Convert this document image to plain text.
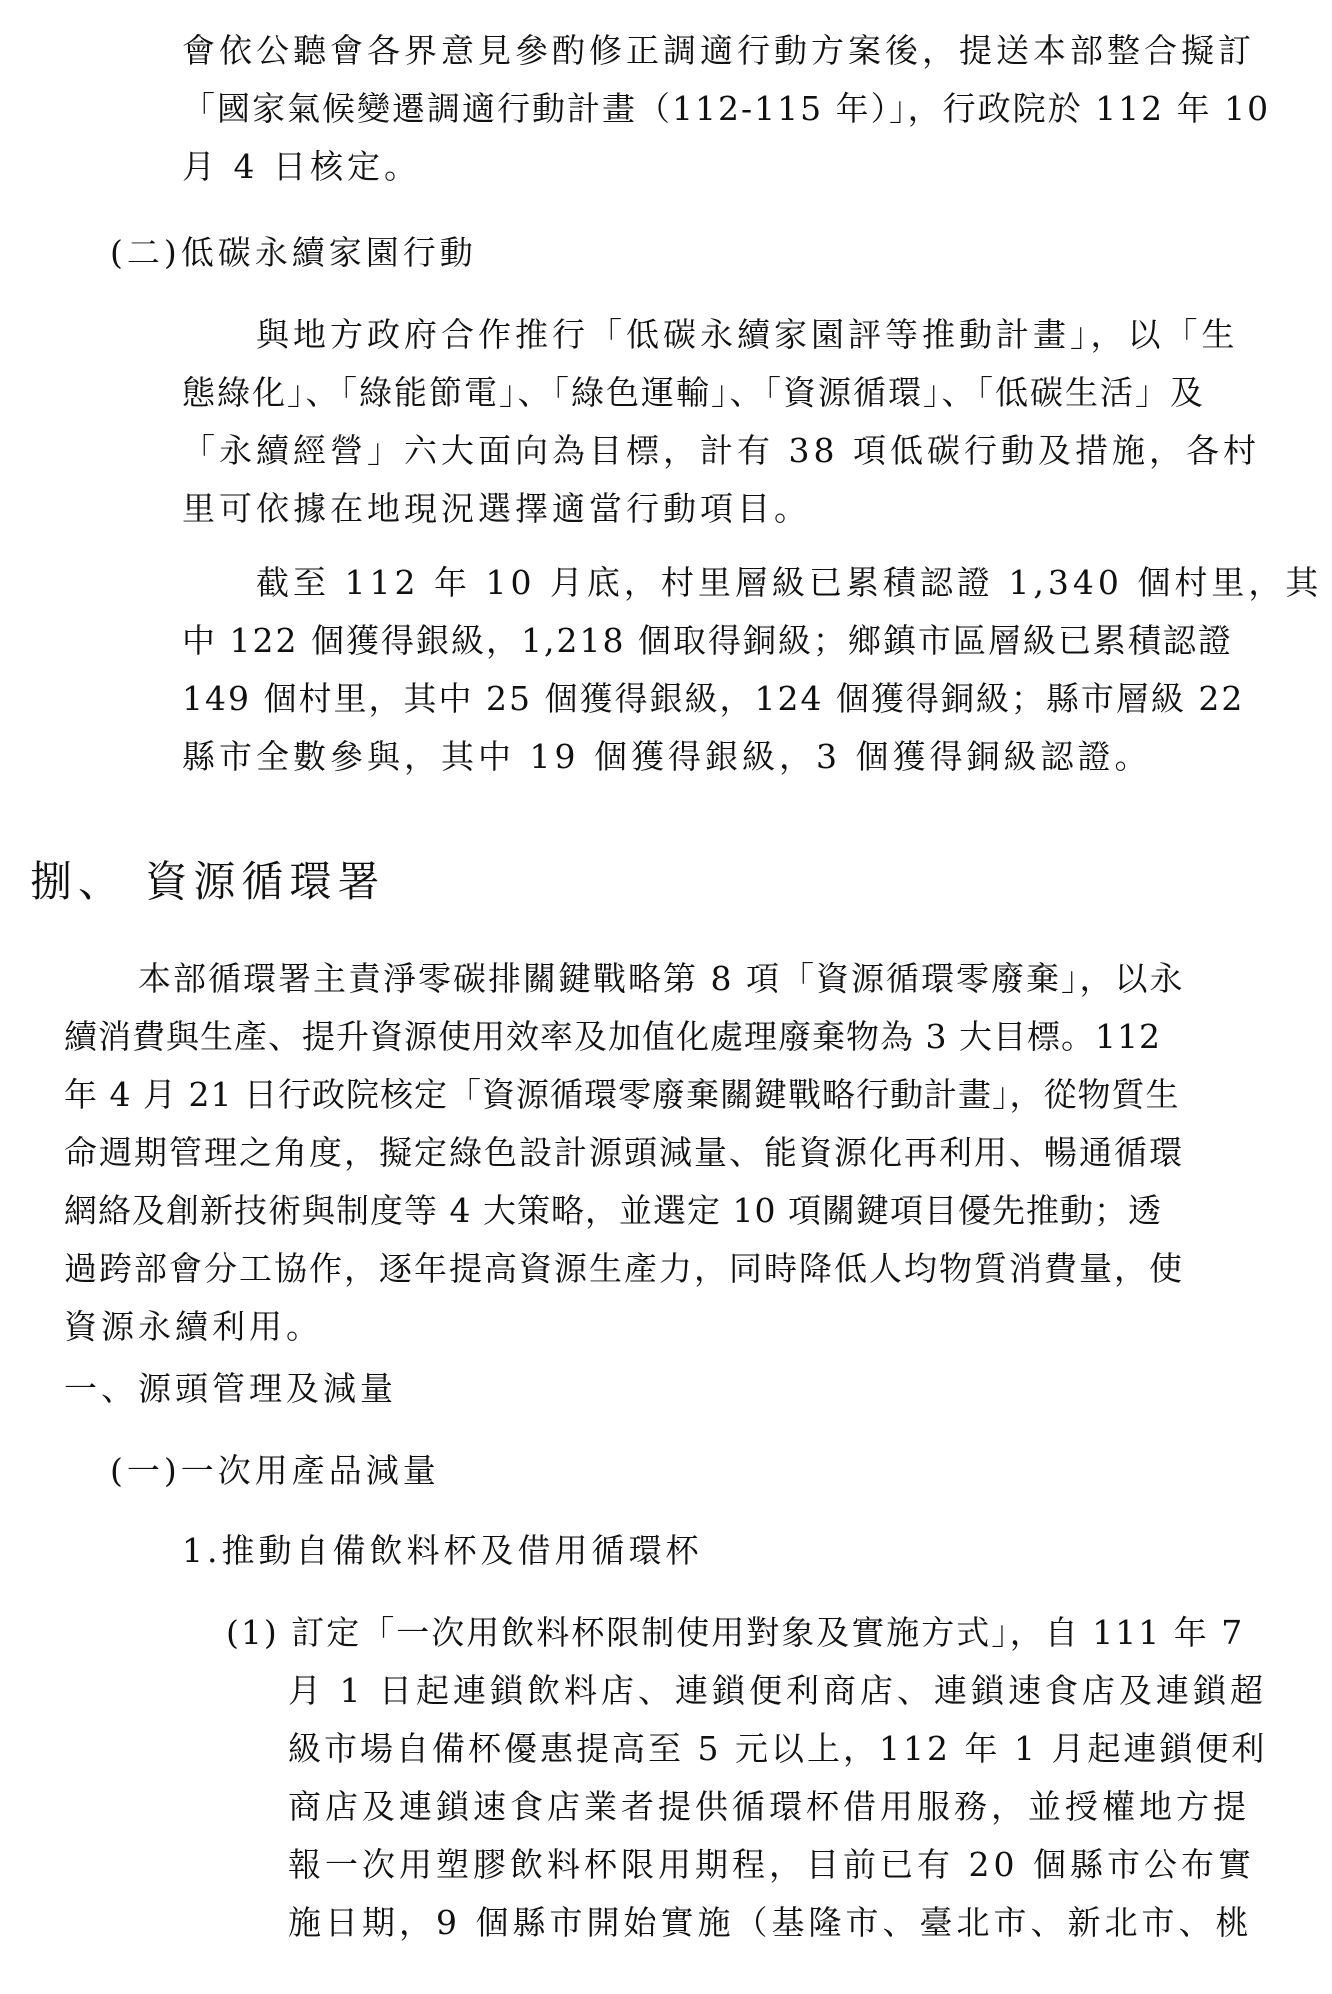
會依公聽會各界意見參酌修正調適行動方案後，提送本部整合擬訂
「國家氣候變遷調適行動計畫（112-115 年）」，行政院於 112 年 10
月 4 日核定。
(二)低碳永續家園行動
與地方政府合作推行「低碳永續家園評等推動計畫」，以「生
態綠化」、「綠能節電」、「綠色運輸」、「資源循環」、「低碳生活」及
「永續經營」六大面向為目標，計有 38 項低碳行動及措施，各村
里可依據在地現況選擇適當行動項目。
截至 112 年 10 月底，村里層級已累積認證 1,340 個村里，其
中 122 個獲得銀級，1,218 個取得銅級；鄉鎮市區層級已累積認證
149 個村里，其中 25 個獲得銀級，124 個獲得銅級；縣市層級 22
縣市全數參與，其中 19 個獲得銀級，3 個獲得銅級認證。
捌、 資源循環署
本部循環署主責淨零碳排關鍵戰略第 8 項「資源循環零廢棄」，以永
續消費與生產、提升資源使用效率及加值化處理廢棄物為 3 大目標。112
年 4 月 21 日行政院核定「資源循環零廢棄關鍵戰略行動計畫」，從物質生
命週期管理之角度，擬定綠色設計源頭減量、能資源化再利用、暢通循環
網絡及創新技術與制度等 4 大策略，並選定 10 項關鍵項目優先推動；透
過跨部會分工協作，逐年提高資源生產力，同時降低人均物質消費量，使
資源永續利用。
一、源頭管理及減量
(一)一次用產品減量
1.推動自備飲料杯及借用循環杯
(1) 訂定「一次用飲料杯限制使用對象及實施方式」，自 111 年 7
月 1 日起連鎖飲料店、連鎖便利商店、連鎖速食店及連鎖超
級市場自備杯優惠提高至 5 元以上，112 年 1 月起連鎖便利
商店及連鎖速食店業者提供循環杯借用服務，並授權地方提
報一次用塑膠飲料杯限用期程，目前已有 20 個縣市公布實
施日期，9 個縣市開始實施（基隆市、臺北市、新北市、桃
